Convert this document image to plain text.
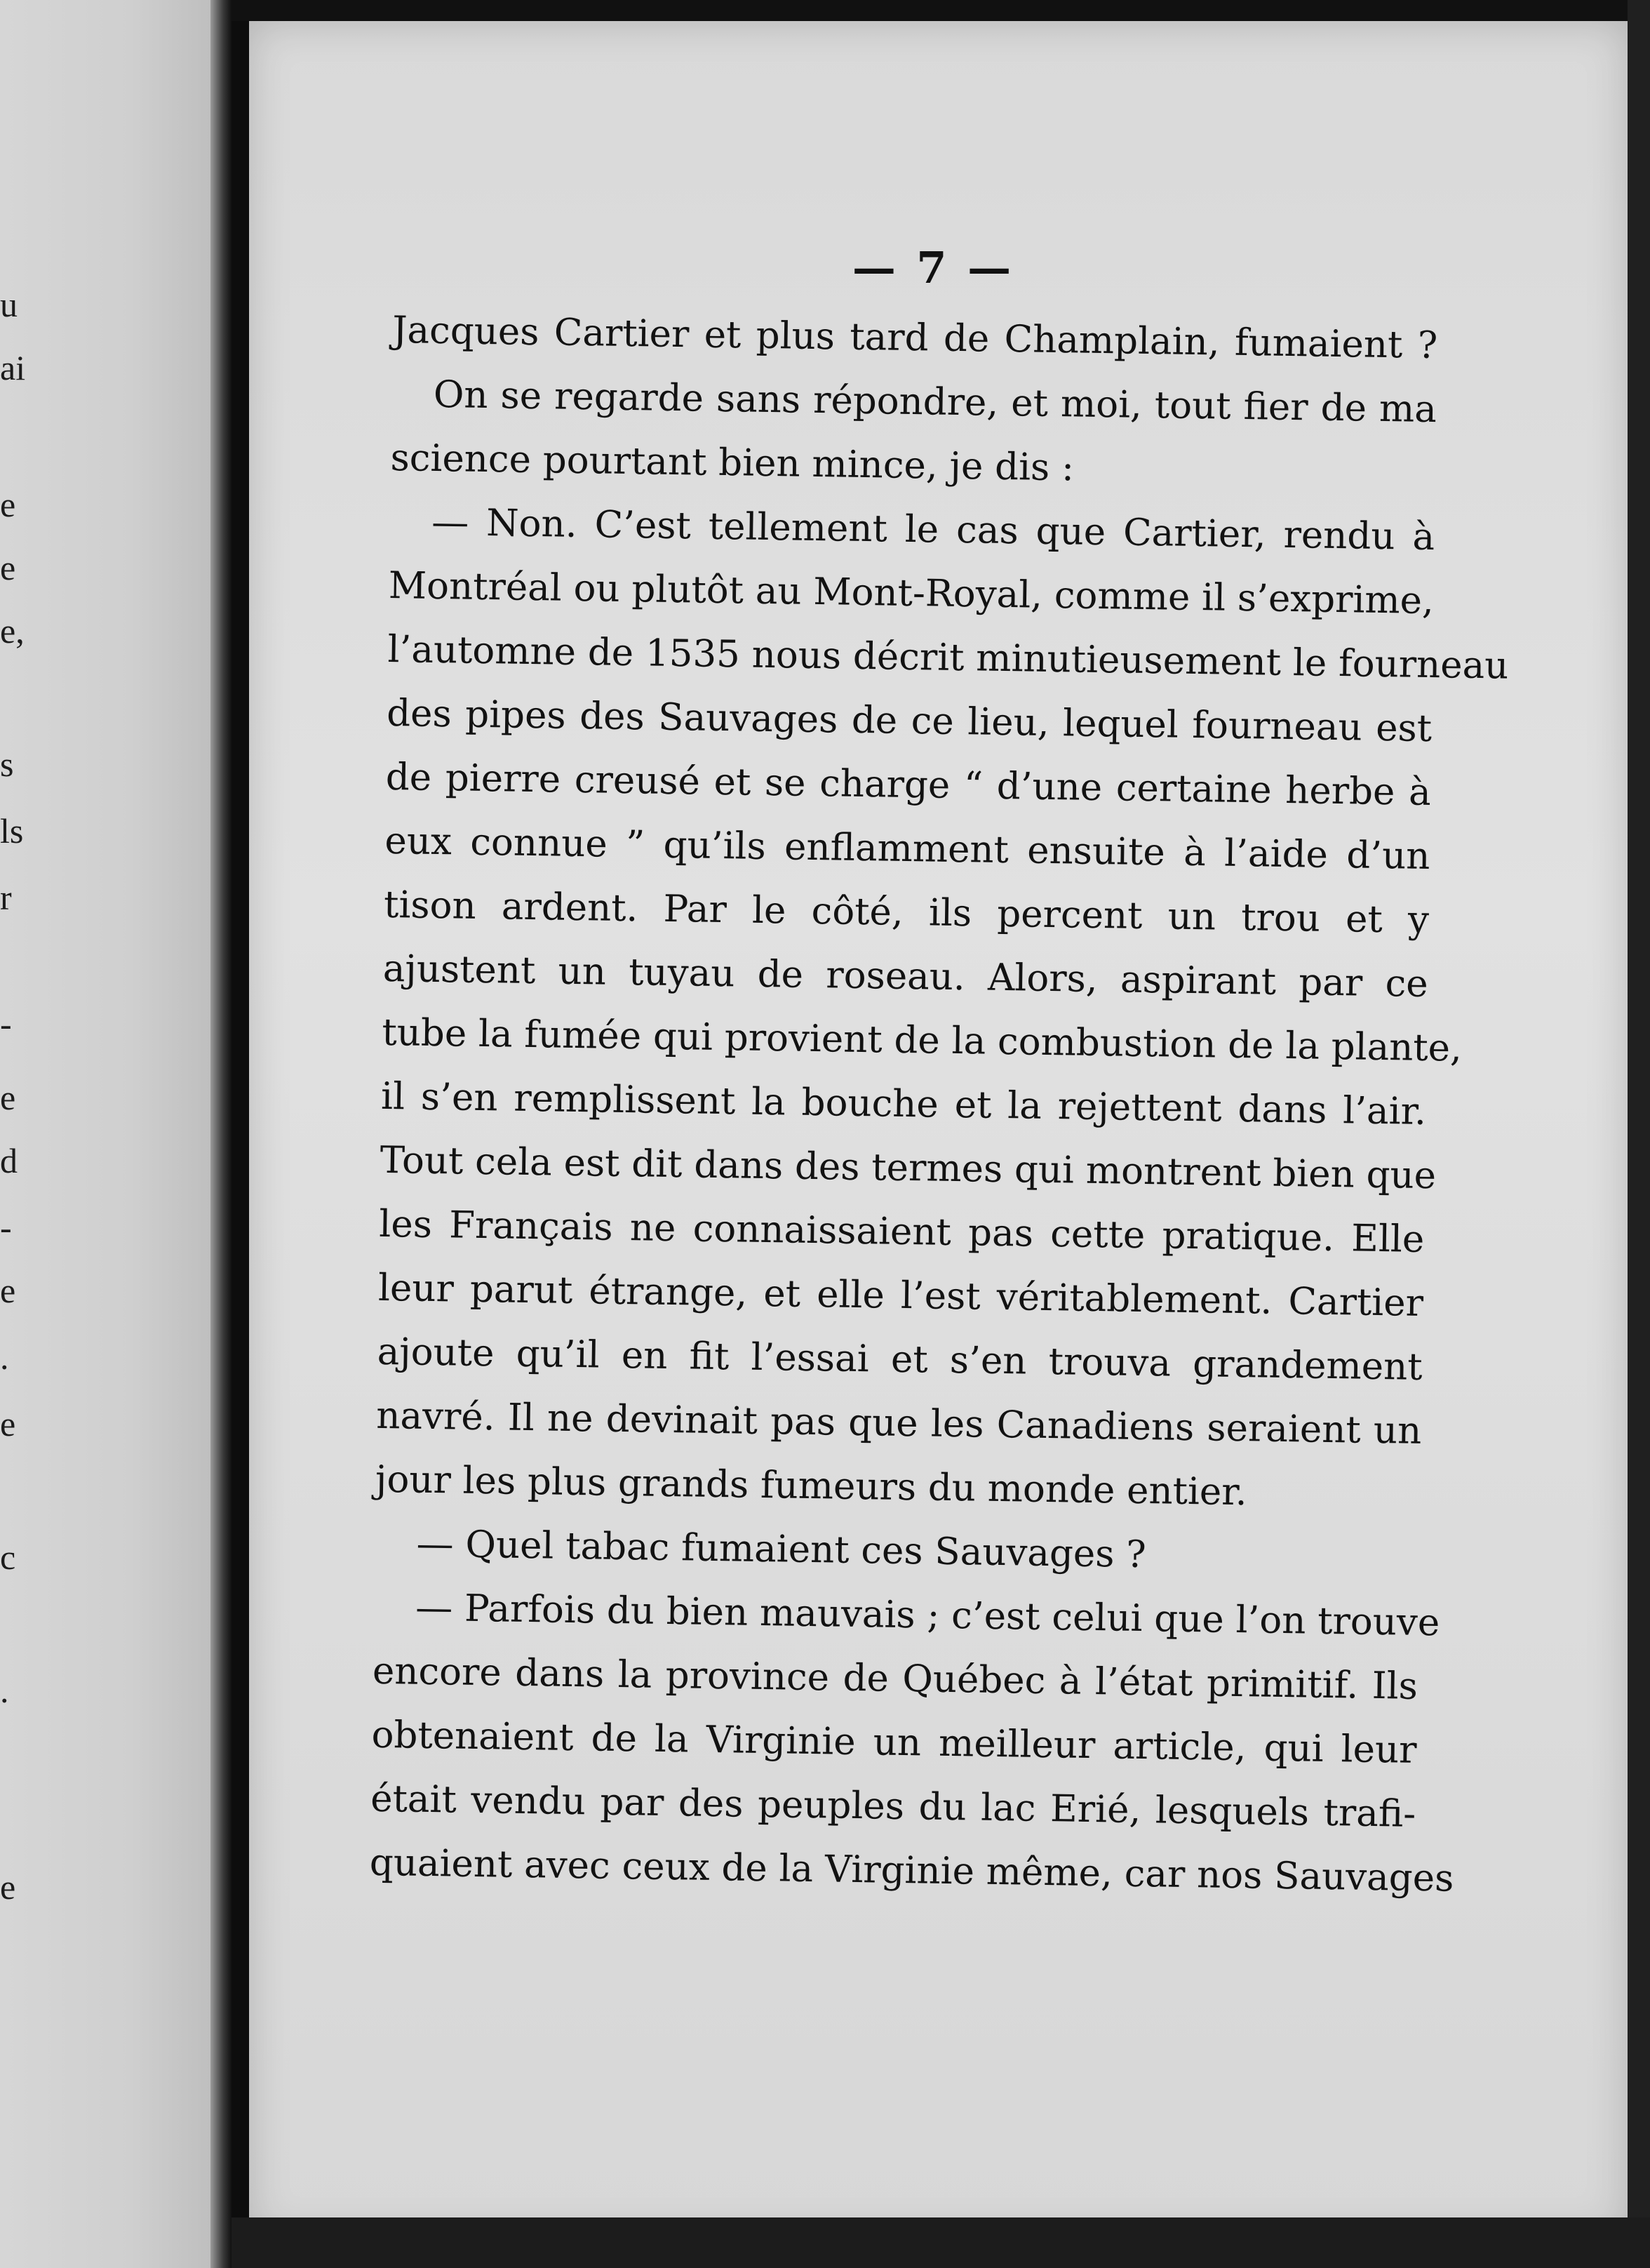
u
ai
e
e
e,
s
ls
r
-
e
d
-
e
.
e
c
.
e
— 7 —
Jacques Cartier et plus tard de Champlain, fumaient ?
On se regarde sans répondre, et moi, tout fier de ma
science pourtant bien mince, je dis :
— Non. C’est tellement le cas que Cartier, rendu à
Montréal ou plutôt au Mont-Royal, comme il s’exprime,
l’automne de 1535 nous décrit minutieusement le fourneau
des pipes des Sauvages de ce lieu, lequel fourneau est
de pierre creusé et se charge “ d’une certaine herbe à
eux connue ” qu’ils enflamment ensuite à l’aide d’un
tison ardent. Par le côté, ils percent un trou et y
ajustent un tuyau de roseau. Alors, aspirant par ce
tube la fumée qui provient de la combustion de la plante,
il s’en remplissent la bouche et la rejettent dans l’air.
Tout cela est dit dans des termes qui montrent bien que
les Français ne connaissaient pas cette pratique. Elle
leur parut étrange, et elle l’est véritablement. Cartier
ajoute qu’il en fit l’essai et s’en trouva grandement
navré. Il ne devinait pas que les Canadiens seraient un
jour les plus grands fumeurs du monde entier.
— Quel tabac fumaient ces Sauvages ?
— Parfois du bien mauvais ; c’est celui que l’on trouve
encore dans la province de Québec à l’état primitif. Ils
obtenaient de la Virginie un meilleur article, qui leur
était vendu par des peuples du lac Erié, lesquels trafi-
quaient avec ceux de la Virginie même, car nos Sauvages
